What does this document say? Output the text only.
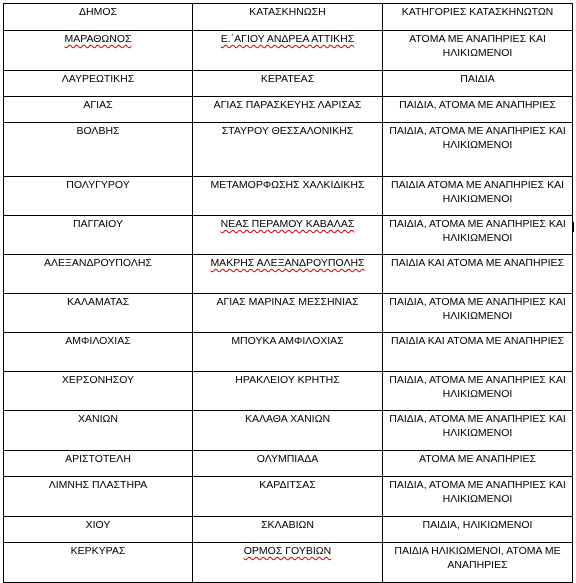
ΔΗΜΟΣ	ΚΑΤΑΣΚΗΝΩΣΗ	ΚΑΤΗΓΟΡΙΕΣ ΚΑΤΑΣΚΗΝΩΤΩΝ
ΜΑΡΑΘΩΝΟΣ	Ε.΄ΑΓΙΟΥ ΑΝΔΡΕΑ ΑΤΤΙΚΗΣ	ΑΤΟΜΑ ΜΕ ΑΝΑΠΗΡΙΕΣ ΚΑΙ ΗΛΙΚΙΩΜΕΝΟΙ
ΛΑΥΡΕΩΤΙΚΗΣ	ΚΕΡΑΤΕΑΣ	ΠΑΙΔΙΑ
ΑΓΙΑΣ	ΑΓΙΑΣ ΠΑΡΑΣΚΕΥΗΣ ΛΑΡΙΣΑΣ	ΠΑΙΔΙΑ, ΑΤΟΜΑ ΜΕ ΑΝΑΠΗΡΙΕΣ
ΒΟΛΒΗΣ	ΣΤΑΥΡΟΥ ΘΕΣΣΑΛΟΝΙΚΗΣ	ΠΑΙΔΙΑ, ΑΤΟΜΑ ΜΕ ΑΝΑΠΗΡΙΕΣ ΚΑΙ ΗΛΙΚΙΩΜΕΝΟΙ
ΠΟΛΥΓΥΡΟΥ	ΜΕΤΑΜΟΡΦΩΣΗΣ ΧΑΛΚΙΔΙΚΗΣ	ΠΑΙΔΙΑ ΑΤΟΜΑ ΜΕ ΑΝΑΠΗΡΙΕΣ ΚΑΙ ΗΛΙΚΙΩΜΕΝΟΙ
ΠΑΓΓΑΙΟΥ	ΝΕΑΣ ΠΕΡΑΜΟΥ ΚΑΒΑΛΑΣ	ΠΑΙΔΙΑ, ΑΤΟΜΑ ΜΕ ΑΝΑΠΗΡΙΕΣ ΚΑΙ ΗΛΙΚΙΩΜΕΝΟΙ
ΑΛΕΞΑΝΔΡΟΥΠΟΛΗΣ	ΜΑΚΡΗΣ ΑΛΕΞΑΝΔΡΟΥΠΟΛΗΣ	ΠΑΙΔΙΑ ΚΑΙ ΑΤΟΜΑ ΜΕ ΑΝΑΠΗΡΙΕΣ
ΚΑΛΑΜΑΤΑΣ	ΑΓΙΑΣ ΜΑΡΙΝΑΣ ΜΕΣΣΗΝΙΑΣ	ΠΑΙΔΙΑ, ΑΤΟΜΑ ΜΕ ΑΝΑΠΗΡΙΕΣ ΚΑΙ ΗΛΙΚΙΩΜΕΝΟΙ
ΑΜΦΙΛΟΧΙΑΣ	ΜΠΟΥΚΑ ΑΜΦΙΛΟΧΙΑΣ	ΠΑΙΔΙΑ ΚΑΙ ΑΤΟΜΑ ΜΕ ΑΝΑΠΗΡΙΕΣ
ΧΕΡΣΟΝΗΣΟΥ	ΗΡΑΚΛΕΙΟΥ ΚΡΗΤΗΣ	ΠΑΙΔΙΑ, ΑΤΟΜΑ ΜΕ ΑΝΑΠΗΡΙΕΣ ΚΑΙ ΗΛΙΚΙΩΜΕΝΟΙ
ΧΑΝΙΩΝ	ΚΑΛΑΘΑ ΧΑΝΙΩΝ	ΠΑΙΔΙΑ, ΑΤΟΜΑ ΜΕ ΑΝΑΠΗΡΙΕΣ ΚΑΙ ΗΛΙΚΙΩΜΕΝΟΙ
ΑΡΙΣΤΟΤΕΛΗ	ΟΛΥΜΠΙΑΔΑ	ΑΤΟΜΑ ΜΕ ΑΝΑΠΗΡΙΕΣ
ΛΙΜΝΗΣ ΠΛΑΣΤΗΡΑ	ΚΑΡΔΙΤΣΑΣ	ΠΑΙΔΙΑ, ΑΤΟΜΑ ΜΕ ΑΝΑΠΗΡΙΕΣ ΚΑΙ ΗΛΙΚΙΩΜΕΝΟΙ
ΧΙΟΥ	ΣΚΛΑΒΙΩΝ	ΠΑΙΔΙΑ, ΗΛΙΚΙΩΜΕΝΟΙ
ΚΕΡΚΥΡΑΣ	ΟΡΜΟΣ ΓΟΥΒΙΩΝ	ΠΑΙΔΙΑ ΗΛΙΚΙΩΜΕΝΟΙ, ΑΤΟΜΑ ΜΕ ΑΝΑΠΗΡΙΕΣ
